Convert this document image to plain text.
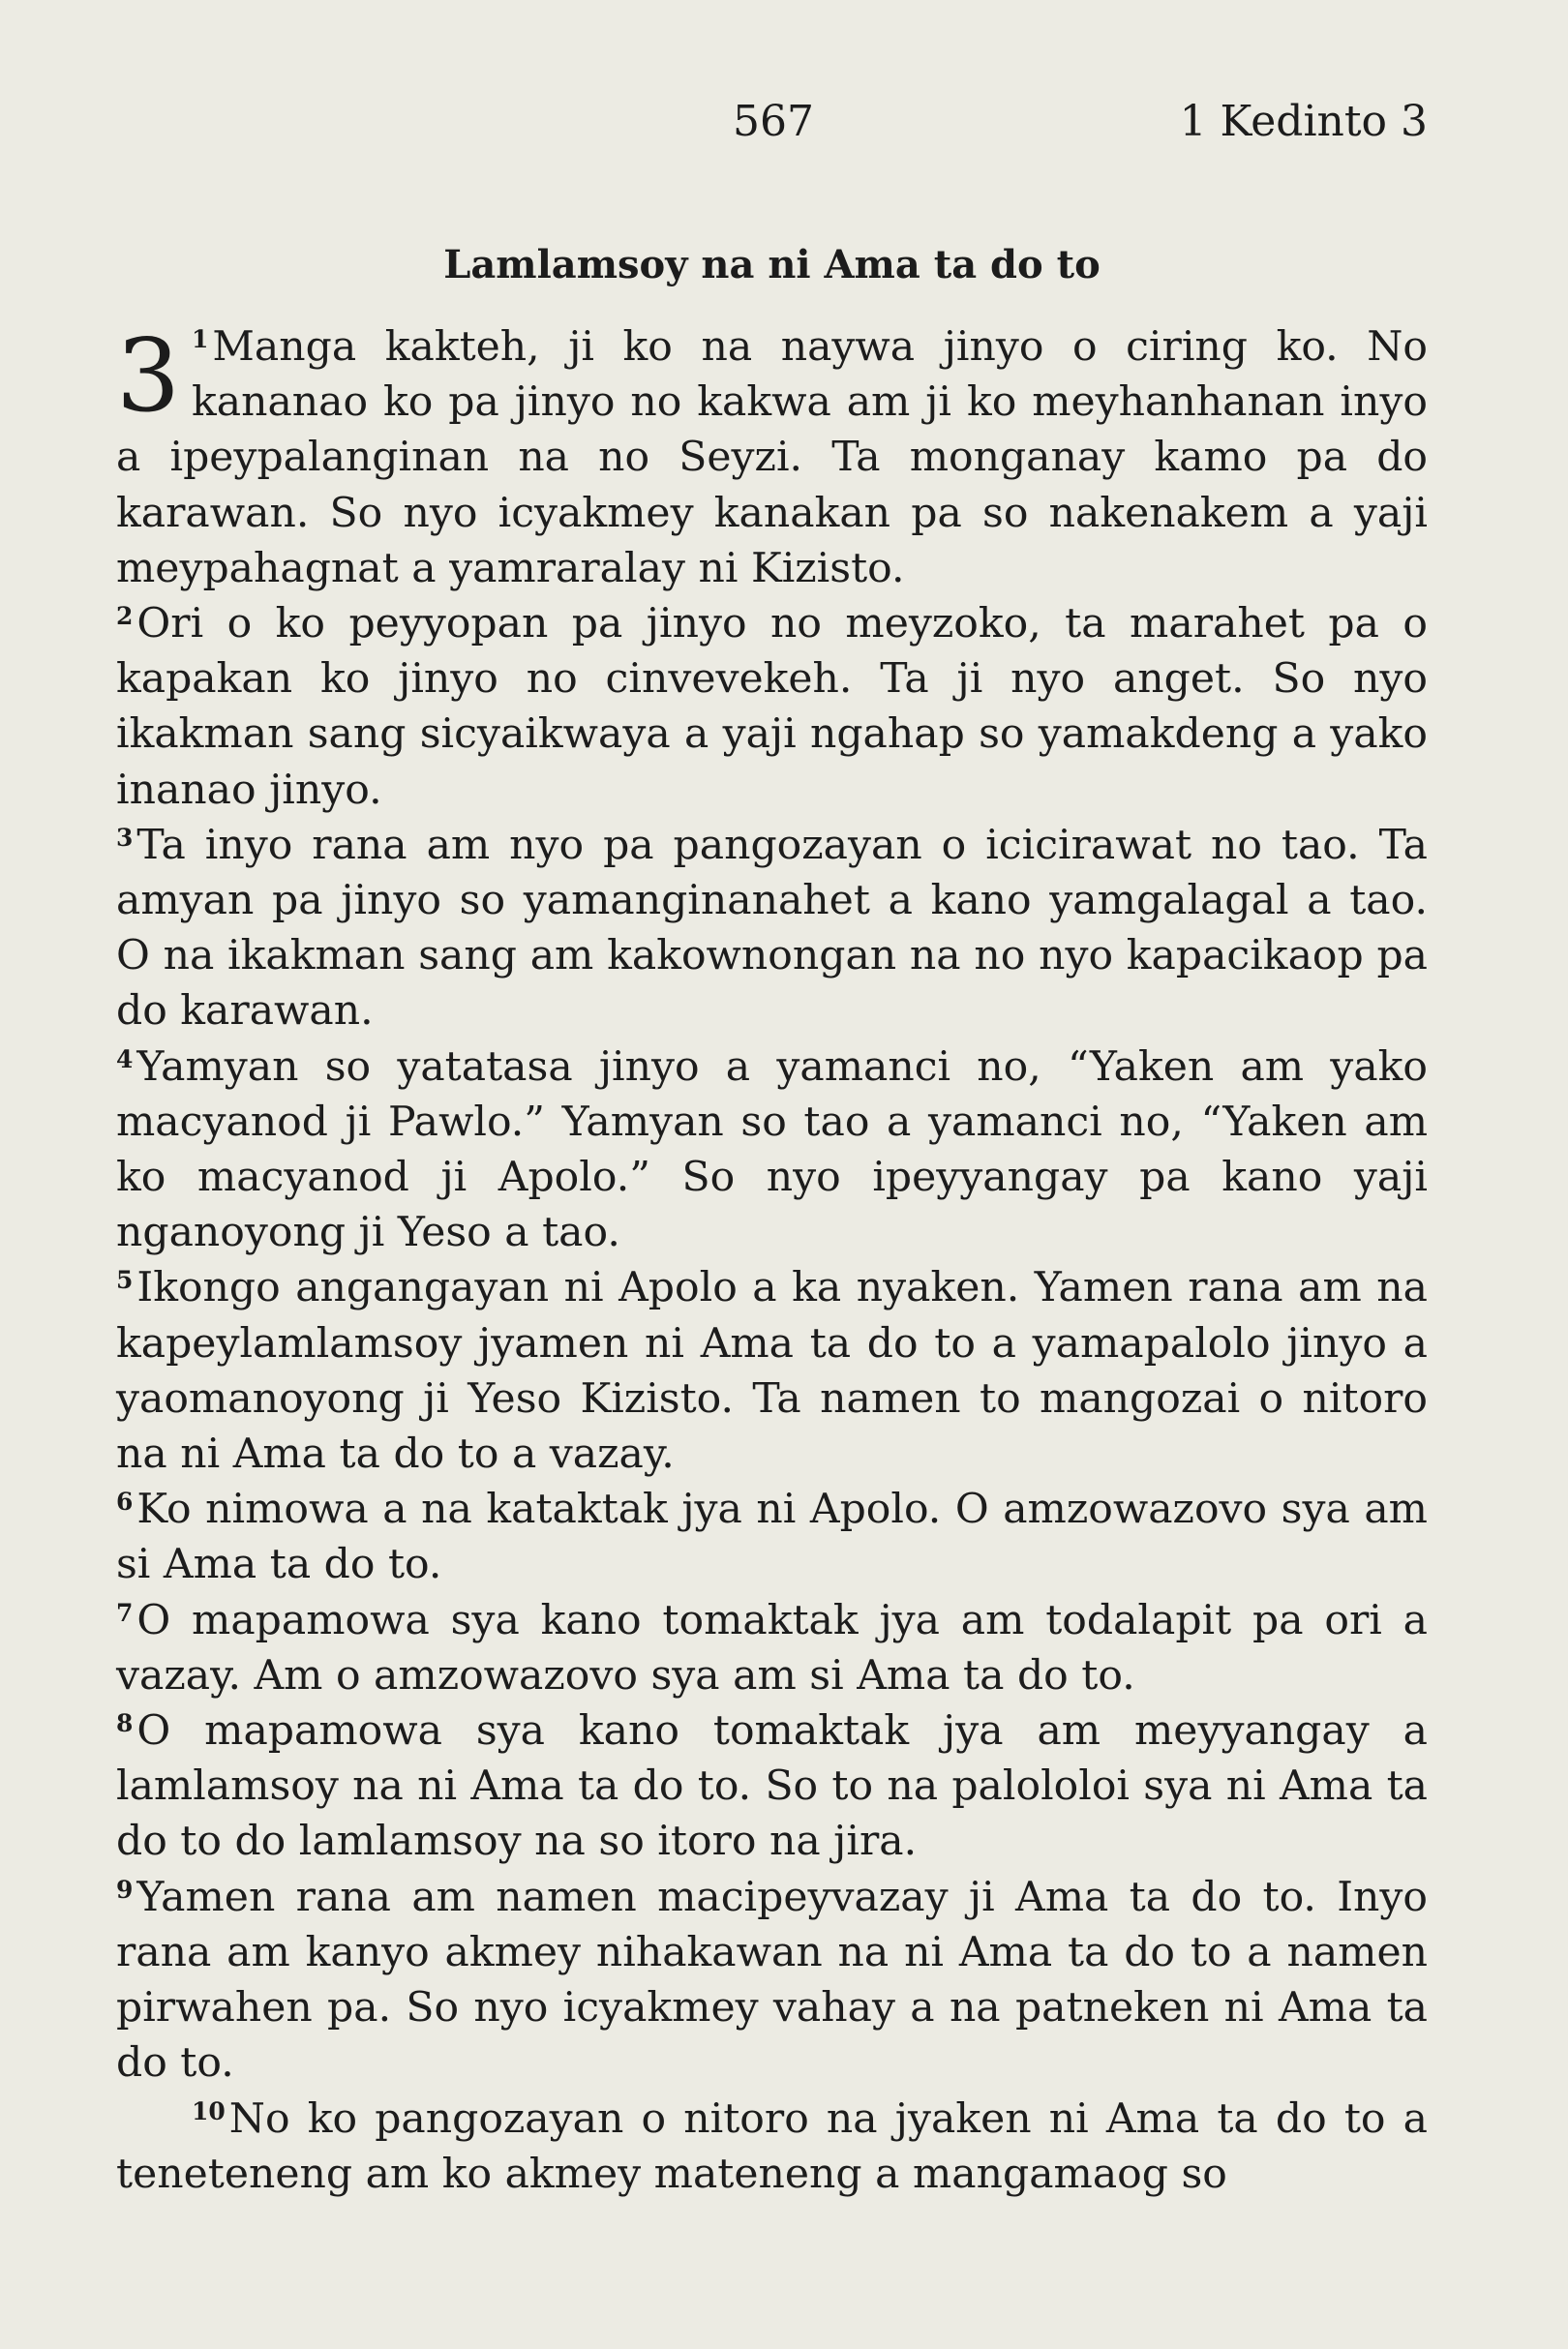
567	1 Kedinto 3
Lamlamsoy na ni Ama ta do to

3 $^1$Manga kakteh, ji ko na naywa jinyo o ciring ko. No kananao ko pa jinyo no kakwa am ji ko meyhanhanan inyo a ipeypalanginan na no Seyzi. Ta monganay kamo pa do karawan. So nyo icyakmey kanakan pa so nakenakem a yaji meypahagnat a yamraralay ni Kizisto.

$^2$Ori o ko peyyopan pa jinyo no meyzoko, ta marahet pa o kapakan ko jinyo no cinvevekeh. Ta ji nyo anget. So nyo ikakman sang sicyaikwaya a yaji ngahap so yamakdeng a yako inanao jinyo.

$^3$Ta inyo rana am nyo pa pangozayan o icicirawat no tao. Ta amyan pa jinyo so yamanginanahet a kano yamgalagal a tao. O na ikakman sang am kakownongan na no nyo kapacikaop pa do karawan.

$^4$Yamyan so yatatasa jinyo a yamanci no, “Yaken am yako macyanod ji Pawlo.” Yamyan so tao a yamanci no, “Yaken am ko macyanod ji Apolo.” So nyo ipeyyangay pa kano yaji nganoyong ji Yeso a tao.

$^5$Ikongo angangayan ni Apolo a ka nyaken. Yamen rana am na kapeylamlamsoy jyamen ni Ama ta do to a yamapalolo jinyo a yaomanoyong ji Yeso Kizisto. Ta namen to mangozai o nitoro na ni Ama ta do to a vazay.

$^6$Ko nimowa a na kataktak jya ni Apolo. O amzowazovo sya am si Ama ta do to.

$^7$O mapamowa sya kano tomaktak jya am todalapit pa ori a vazay. Am o amzowazovo sya am si Ama ta do to.

$^8$O mapamowa sya kano tomaktak jya am meyyangay a lamlamsoy na ni Ama ta do to. So to na palololoi sya ni Ama ta do to do lamlamsoy na so itoro na jira.

$^9$Yamen rana am namen macipeyvazay ji Ama ta do to. Inyo rana am kanyo akmey nihakawan na ni Ama ta do to a namen pirwahen pa. So nyo icyakmey vahay a na patneken ni Ama ta do to.

$^{10}$No ko pangozayan o nitoro na jyaken ni Ama ta do to a teneteneng am ko akmey mateneng a mangamaog so
